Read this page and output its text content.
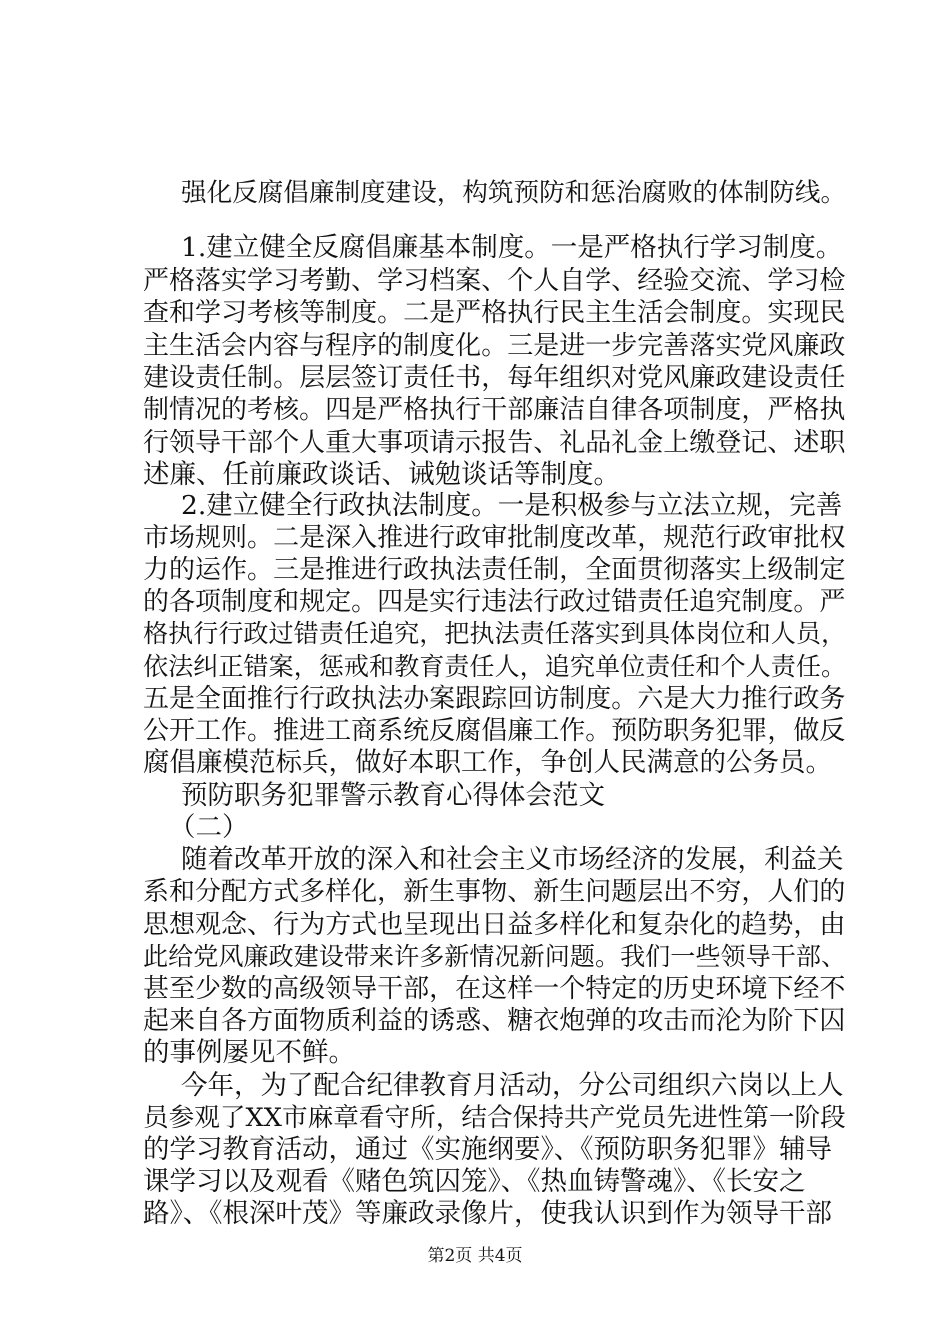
强化反腐倡廉制度建设，构筑预防和惩治腐败的体制防线。
1.建立健全反腐倡廉基本制度。一是严格执行学习制度。
严格落实学习考勤、学习档案、个人自学、经验交流、学习检
查和学习考核等制度。二是严格执行民主生活会制度。实现民
主生活会内容与程序的制度化。三是进一步完善落实党风廉政
建设责任制。层层签订责任书，每年组织对党风廉政建设责任
制情况的考核。四是严格执行干部廉洁自律各项制度，严格执
行领导干部个人重大事项请示报告、礼品礼金上缴登记、述职
述廉、任前廉政谈话、诫勉谈话等制度。
2.建立健全行政执法制度。一是积极参与立法立规，完善
市场规则。二是深入推进行政审批制度改革，规范行政审批权
力的运作。三是推进行政执法责任制，全面贯彻落实上级制定
的各项制度和规定。四是实行违法行政过错责任追究制度。严
格执行行政过错责任追究，把执法责任落实到具体岗位和人员，
依法纠正错案，惩戒和教育责任人，追究单位责任和个人责任。
五是全面推行行政执法办案跟踪回访制度。六是大力推行政务
公开工作。推进工商系统反腐倡廉工作。预防职务犯罪，做反
腐倡廉模范标兵，做好本职工作，争创人民满意的公务员。
预防职务犯罪警示教育心得体会范文
（二）
随着改革开放的深入和社会主义市场经济的发展，利益关
系和分配方式多样化，新生事物、新生问题层出不穷，人们的
思想观念、行为方式也呈现出日益多样化和复杂化的趋势，由
此给党风廉政建设带来许多新情况新问题。我们一些领导干部、
甚至少数的高级领导干部，在这样一个特定的历史环境下经不
起来自各方面物质利益的诱惑、糖衣炮弹的攻击而沦为阶下囚
的事例屡见不鲜。
今年，为了配合纪律教育月活动，分公司组织六岗以上人
员参观了XX市麻章看守所，结合保持共产党员先进性第一阶段
的学习教育活动，通过《实施纲要》、《预防职务犯罪》辅导
课学习以及观看《赌色筑囚笼》、《热血铸警魂》、《长安之
路》、《根深叶茂》等廉政录像片，使我认识到作为领导干部
第2页 共4页
